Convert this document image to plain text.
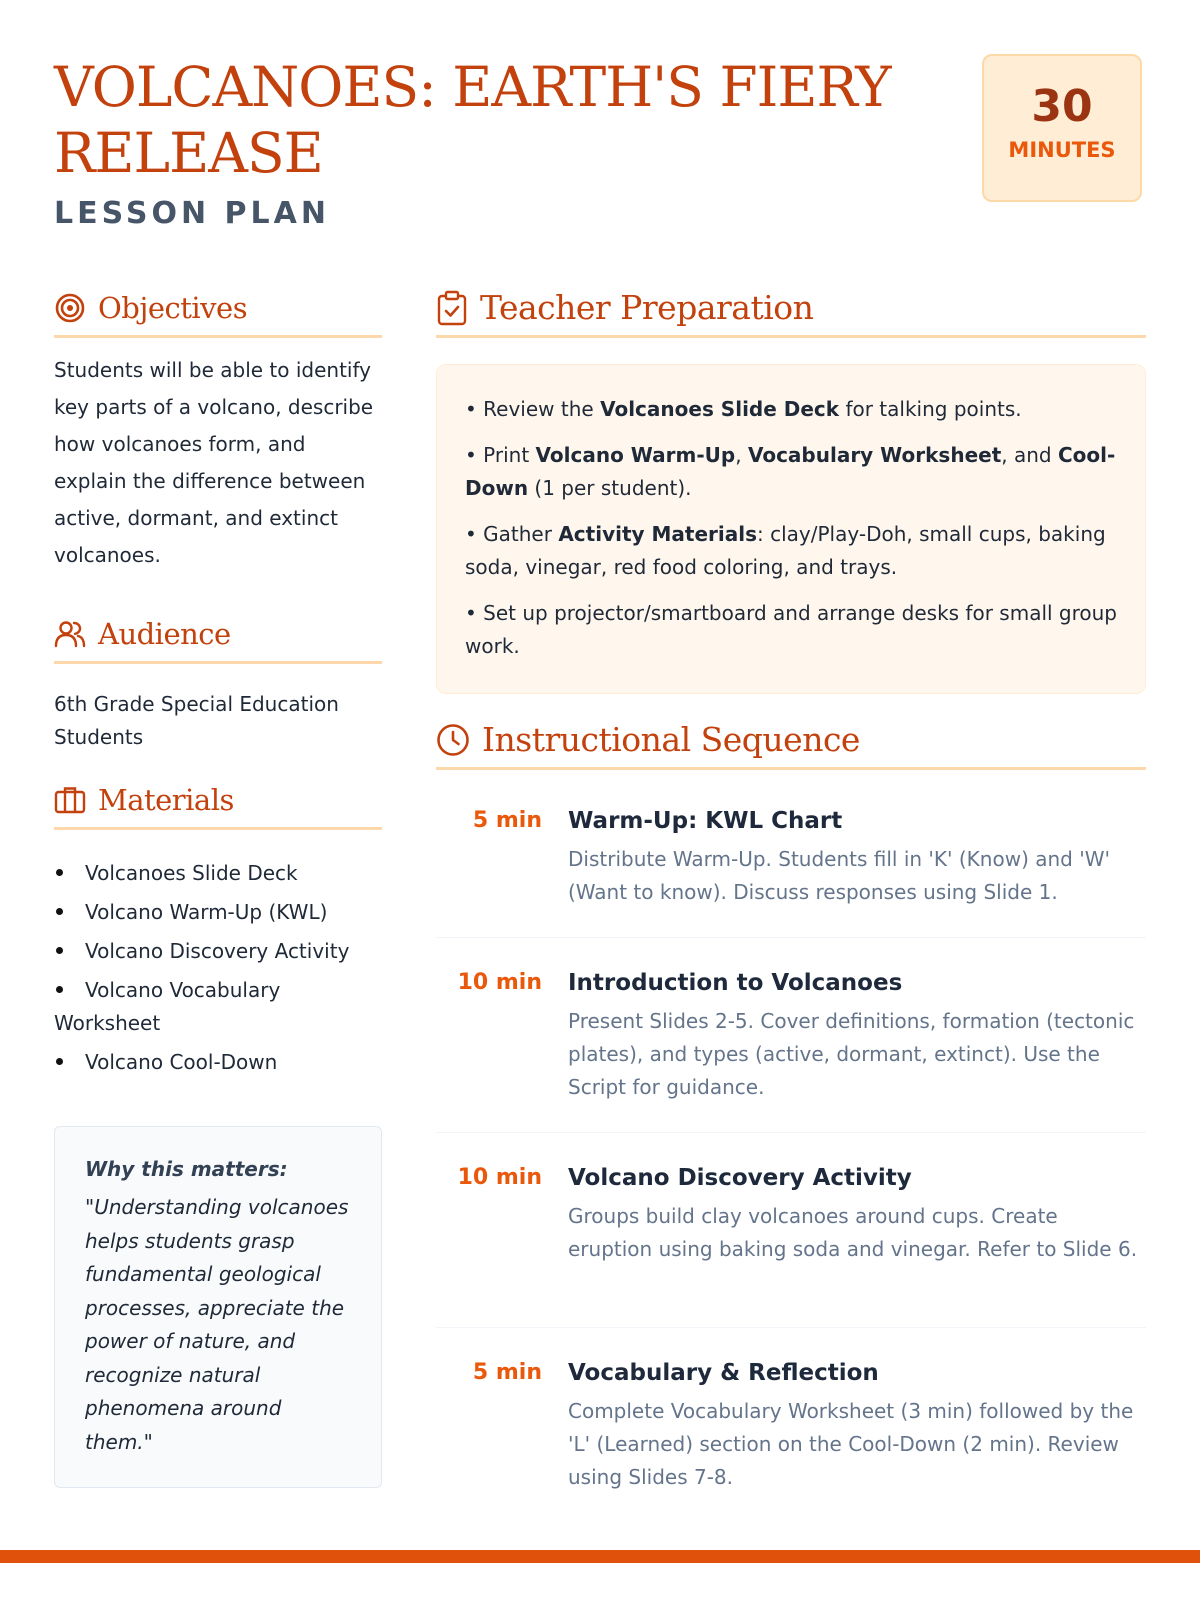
VOLCANOES: EARTH'S FIERY RELEASE

LESSON PLAN

30
MINUTES
Objectives

Students will be able to identify key parts of a volcano, describe how volcanoes form, and explain the difference between active, dormant, and extinct volcanoes.

Audience

6th Grade Special Education Students

Materials
Volcanoes Slide Deck
Volcano Warm-Up (KWL)
Volcano Discovery Activity
Volcano Vocabulary Worksheet
Volcano Cool-Down

Why this matters:

"Understanding volcanoes helps students grasp fundamental geological processes, appreciate the power of nature, and recognize natural phenomena around them."

Teacher Preparation

• Review the Volcanoes Slide Deck for talking points.

• Print Volcano Warm-Up, Vocabulary Worksheet, and Cool-Down (1 per student).

• Gather Activity Materials: clay/Play-Doh, small cups, baking soda, vinegar, red food coloring, and trays.

• Set up projector/smartboard and arrange desks for small group work.

Instructional Sequence
5 min Warm-Up: KWL Chart

Distribute Warm-Up. Students fill in 'K' (Know) and 'W' (Want to know). Discuss responses using Slide 1.

10 min Introduction to Volcanoes

Present Slides 2-5. Cover definitions, formation (tectonic plates), and types (active, dormant, extinct). Use the Script for guidance.

10 min Volcano Discovery Activity

Groups build clay volcanoes around cups. Create eruption using baking soda and vinegar. Refer to Slide 6.

5 min Vocabulary & Reflection

Complete Vocabulary Worksheet (3 min) followed by the 'L' (Learned) section on the Cool-Down (2 min). Review using Slides 7-8.
